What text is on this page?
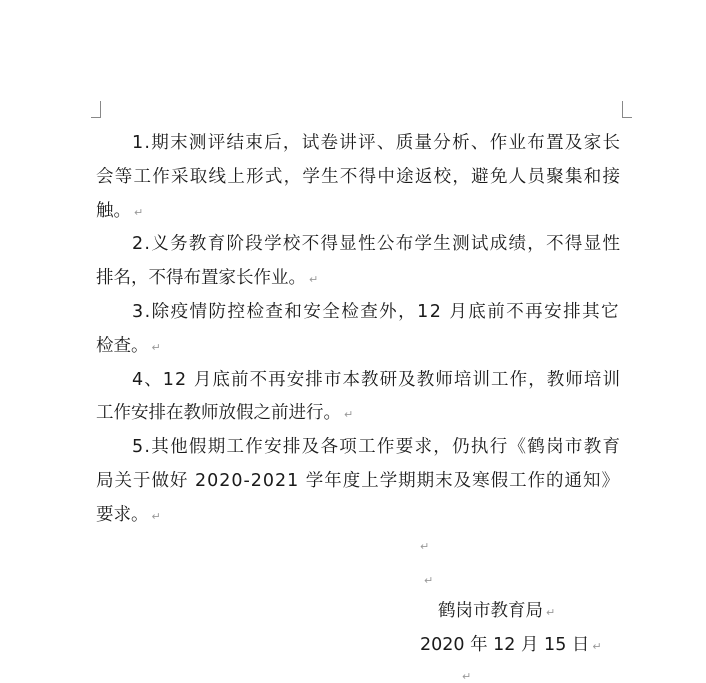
1.期末测评结束后，试卷讲评、质量分析、作业布置及家长
会等工作采取线上形式，学生不得中途返校，避免人员聚集和接
触。 ↵
2.义务教育阶段学校不得显性公布学生测试成绩，不得显性
排名，不得布置家长作业。 ↵
3.除疫情防控检查和安全检查外，12 月底前不再安排其它
检查。 ↵
4、12 月底前不再安排市本教研及教师培训工作，教师培训
工作安排在教师放假之前进行。 ↵
5.其他假期工作安排及各项工作要求，仍执行《鹤岗市教育
局关于做好 2020-2021 学年度上学期期末及寒假工作的通知》
要求。 ↵
↵
↵
鹤岗市教育局 ↵
2020 年 12 月 15 日 ↵
↵
